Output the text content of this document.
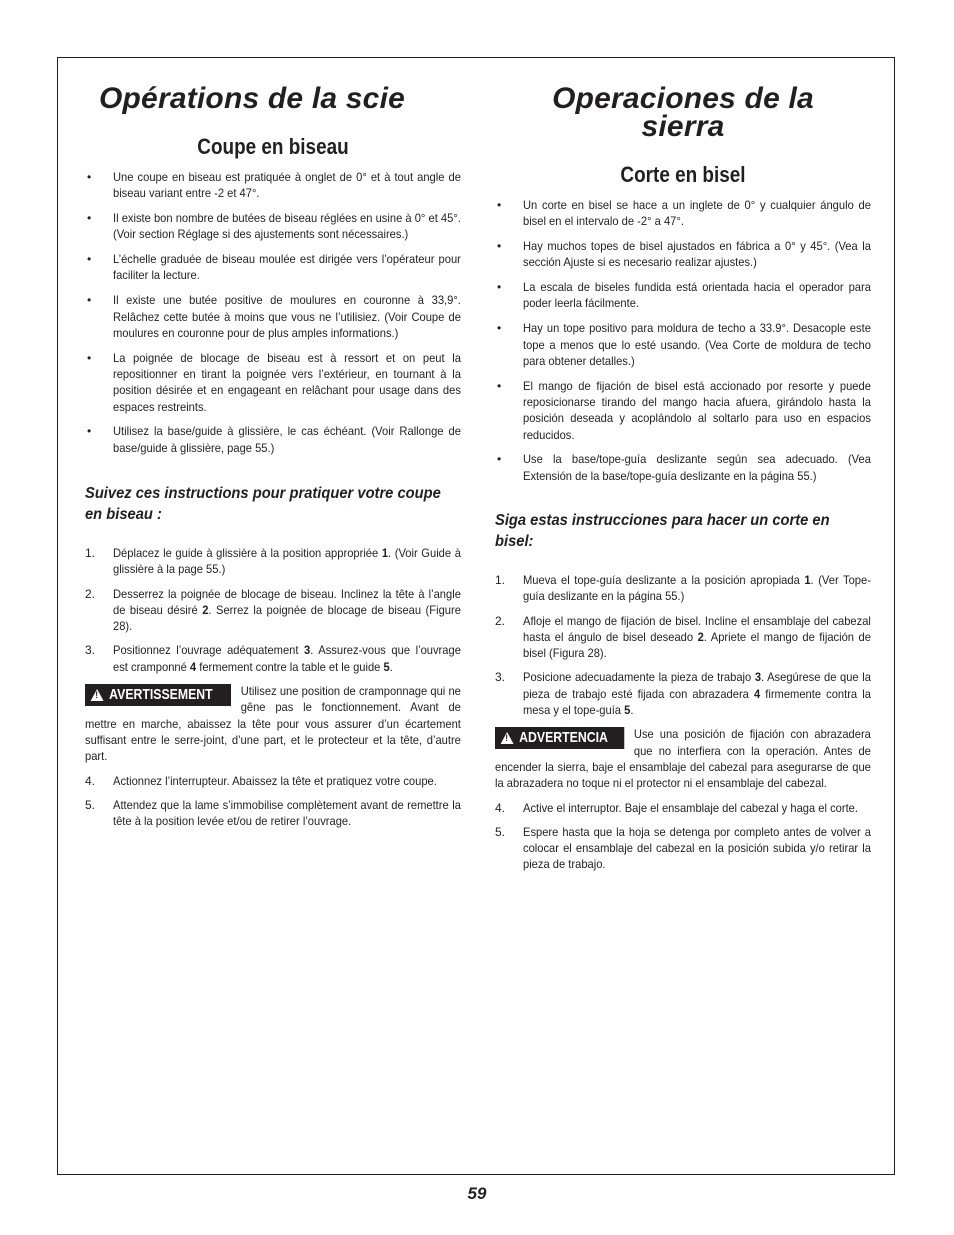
Opérations de la scie
Coupe en biseau
• Une coupe en biseau est pratiquée à onglet de 0° et à tout angle de biseau variant entre -2 et 47°.
• Il existe bon nombre de butées de biseau réglées en usine à 0° et 45°. (Voir section Réglage si des ajustements sont nécessaires.)
• L’échelle graduée de biseau moulée est dirigée vers l’opérateur pour faciliter la lecture.
• Il existe une butée positive de moulures en couronne à 33,9°. Relâchez cette butée à moins que vous ne l’utilisiez. (Voir Coupe de moulures en couronne pour de plus amples informations.)
• La poignée de blocage de biseau est à ressort et on peut la repositionner en tirant la poignée vers l’extérieur, en tournant à la position désirée et en engageant en relâchant pour usage dans des espaces restreints.
• Utilisez la base/guide à glissière, le cas échéant. (Voir Rallonge de base/guide à glissière, page 55.)

Suivez ces instructions pour pratiquer votre coupe en biseau :

1. Déplacez le guide à glissière à la position appropriée 1. (Voir Guide à glissière à la page 55.)
2. Desserrez la poignée de blocage de biseau. Inclinez la tête à l’angle de biseau désiré 2. Serrez la poignée de blocage de biseau (Figure 28).
3. Positionnez l’ouvrage adéquatement 3. Assurez-vous que l’ouvrage est cramponné 4 fermement contre la table et le guide 5.
!
AVERTISSEMENT Utilisez une position de cramponnage qui ne gêne pas le fonctionnement. Avant de mettre en marche, abaissez la tête pour vous assurer d’un écartement suffisant entre le serre-joint, d’une part, et le protecteur et la tête, d’autre part.
4. Actionnez l’interrupteur. Abaissez la tête et pratiquez votre coupe.
5. Attendez que la lame s’immobilise complètement avant de remettre la tête à la position levée et/ou de retirer l’ouvrage.
Operaciones de la
sierra
Corte en bisel
• Un corte en bisel se hace a un inglete de 0° y cualquier ángulo de bisel en el intervalo de -2° a 47°.
• Hay muchos topes de bisel ajustados en fábrica a 0° y 45°. (Vea la sección Ajuste si es necesario realizar ajustes.)
• La escala de biseles fundida está orientada hacia el operador para poder leerla fácilmente.
• Hay un tope positivo para moldura de techo a 33.9°. Desacople este tope a menos que lo esté usando. (Vea Corte de moldura de techo para obtener detalles.)
• El mango de fijación de bisel está accionado por resorte y puede reposicionarse tirando del mango hacia afuera, girándolo hasta la posición deseada y acoplándolo al soltarlo para uso en espacios reducidos.
• Use la base/tope-guía deslizante según sea adecuado. (Vea Extensión de la base/tope-guía deslizante en la página 55.)

Siga estas instrucciones para hacer un corte en bisel:

1. Mueva el tope-guía deslizante a la posición apropiada 1. (Ver Tope-guía deslizante en la página 55.)
2. Afloje el mango de fijación de bisel. Incline el ensamblaje del cabezal hasta el ángulo de bisel deseado 2. Apriete el mango de fijación de bisel (Figura 28).
3. Posicione adecuadamente la pieza de trabajo 3. Asegúrese de que la pieza de trabajo esté fijada con abrazadera 4 firmemente contra la mesa y el tope-guía 5.
!
ADVERTENCIA Use una posición de fijación con abrazadera que no interfiera con la operación. Antes de encender la sierra, baje el ensamblaje del cabezal para asegurarse de que la abrazadera no toque ni el protector ni el ensamblaje del cabezal.
4. Active el interruptor. Baje el ensamblaje del cabezal y haga el corte.
5. Espere hasta que la hoja se detenga por completo antes de volver a colocar el ensamblaje del cabezal en la posición subida y/o retirar la pieza de trabajo.
59
